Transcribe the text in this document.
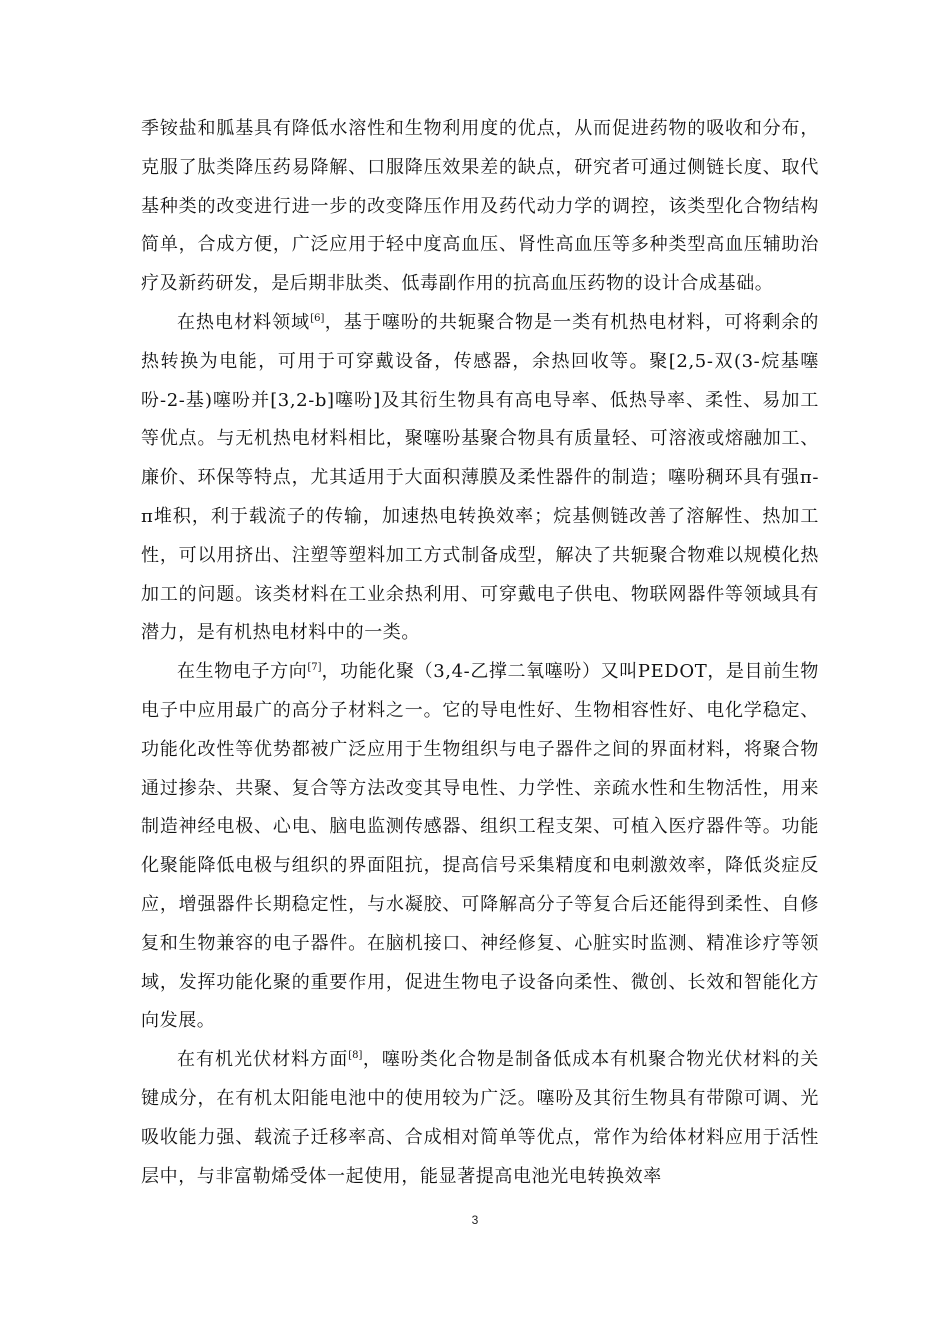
季铵盐和胍基具有降低水溶性和生物利用度的优点，从而促进药物的吸收和分布，克服了肽类降压药易降解、口服降压效果差的缺点，研究者可通过侧链长度、取代基种类的改变进行进一步的改变降压作用及药代动力学的调控，该类型化合物结构简单，合成方便，广泛应用于轻中度高血压、肾性高血压等多种类型高血压辅助治疗及新药研发，是后期非肽类、低毒副作用的抗高血压药物的设计合成基础。

在热电材料领域[6]，基于噻吩的共轭聚合物是一类有机热电材料，可将剩余的热转换为电能，可用于可穿戴设备，传感器，余热回收等。聚[2,5-双(3-烷基噻吩-2-基)噻吩并[3,2-b]噻吩]及其衍生物具有高电导率、低热导率、柔性、易加工等优点。与无机热电材料相比，聚噻吩基聚合物具有质量轻、可溶液或熔融加工、廉价、环保等特点，尤其适用于大面积薄膜及柔性器件的制造；噻吩稠环具有强π-π堆积，利于载流子的传输，加速热电转换效率；烷基侧链改善了溶解性、热加工性，可以用挤出、注塑等塑料加工方式制备成型，解决了共轭聚合物难以规模化热加工的问题。该类材料在工业余热利用、可穿戴电子供电、物联网器件等领域具有潜力，是有机热电材料中的一类。

在生物电子方向[7]，功能化聚（3,4-乙撑二氧噻吩）又叫PEDOT，是目前生物电子中应用最广的高分子材料之一。它的导电性好、生物相容性好、电化学稳定、功能化改性等优势都被广泛应用于生物组织与电子器件之间的界面材料，将聚合物通过掺杂、共聚、复合等方法改变其导电性、力学性、亲疏水性和生物活性，用来制造神经电极、心电、脑电监测传感器、组织工程支架、可植入医疗器件等。功能化聚能降低电极与组织的界面阻抗，提高信号采集精度和电刺激效率，降低炎症反应，增强器件长期稳定性，与水凝胶、可降解高分子等复合后还能得到柔性、自修复和生物兼容的电子器件。在脑机接口、神经修复、心脏实时监测、精准诊疗等领域，发挥功能化聚的重要作用，促进生物电子设备向柔性、微创、长效和智能化方向发展。

在有机光伏材料方面[8]，噻吩类化合物是制备低成本有机聚合物光伏材料的关键成分，在有机太阳能电池中的使用较为广泛。噻吩及其衍生物具有带隙可调、光吸收能力强、载流子迁移率高、合成相对简单等优点，常作为给体材料应用于活性层中，与非富勒烯受体一起使用，能显著提高电池光电转换效率

3
